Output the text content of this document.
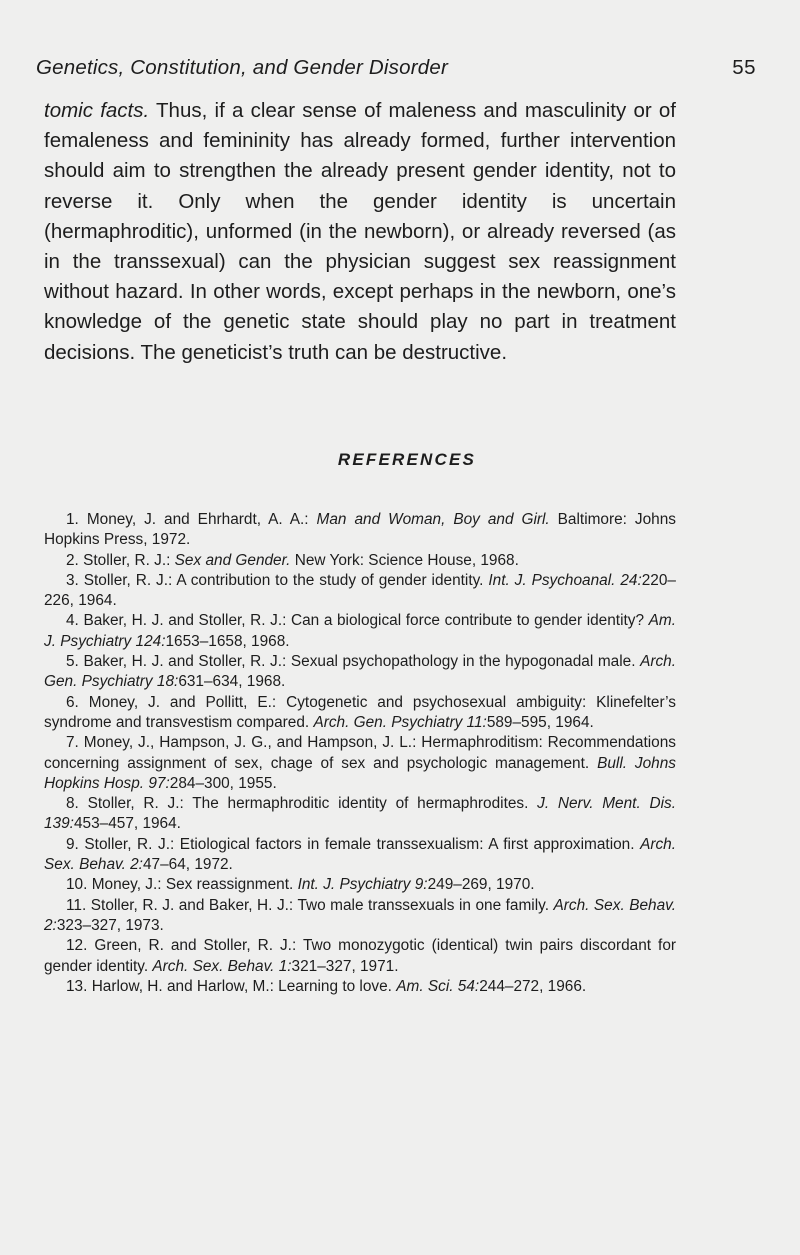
Genetics, Constitution, and Gender Disorder	55

tomic facts. Thus, if a clear sense of maleness and masculinity or of femaleness and femininity has already formed, further intervention should aim to strengthen the already present gender identity, not to reverse it. Only when the gender identity is uncertain (hermaphroditic), unformed (in the newborn), or already reversed (as in the transsexual) can the physician suggest sex reassignment without hazard. In other words, except perhaps in the newborn, one’s knowledge of the genetic state should play no part in treatment decisions. The geneticist’s truth can be destructive.

REFERENCES
1. Money, J. and Ehrhardt, A. A.: Man and Woman, Boy and Girl. Baltimore: Johns Hopkins Press, 1972.
2. Stoller, R. J.: Sex and Gender. New York: Science House, 1968.
3. Stoller, R. J.: A contribution to the study of gender identity. Int. J. Psychoanal. 24:220–226, 1964.
4. Baker, H. J. and Stoller, R. J.: Can a biological force contribute to gender identity? Am. J. Psychiatry 124:1653–1658, 1968.
5. Baker, H. J. and Stoller, R. J.: Sexual psychopathology in the hypogonadal male. Arch. Gen. Psychiatry 18:631–634, 1968.
6. Money, J. and Pollitt, E.: Cytogenetic and psychosexual ambiguity: Klinefelter’s syndrome and transvestism compared. Arch. Gen. Psychiatry 11:589–595, 1964.
7. Money, J., Hampson, J. G., and Hampson, J. L.: Hermaphroditism: Recommendations concerning assignment of sex, chage of sex and psychologic management. Bull. Johns Hopkins Hosp. 97:284–300, 1955.
8. Stoller, R. J.: The hermaphroditic identity of hermaphrodites. J. Nerv. Ment. Dis. 139:453–457, 1964.
9. Stoller, R. J.: Etiological factors in female transsexualism: A first approximation. Arch. Sex. Behav. 2:47–64, 1972.
10. Money, J.: Sex reassignment. Int. J. Psychiatry 9:249–269, 1970.
11. Stoller, R. J. and Baker, H. J.: Two male transsexuals in one family. Arch. Sex. Behav. 2:323–327, 1973.
12. Green, R. and Stoller, R. J.: Two monozygotic (identical) twin pairs discordant for gender identity. Arch. Sex. Behav. 1:321–327, 1971.
13. Harlow, H. and Harlow, M.: Learning to love. Am. Sci. 54:244–272, 1966.
